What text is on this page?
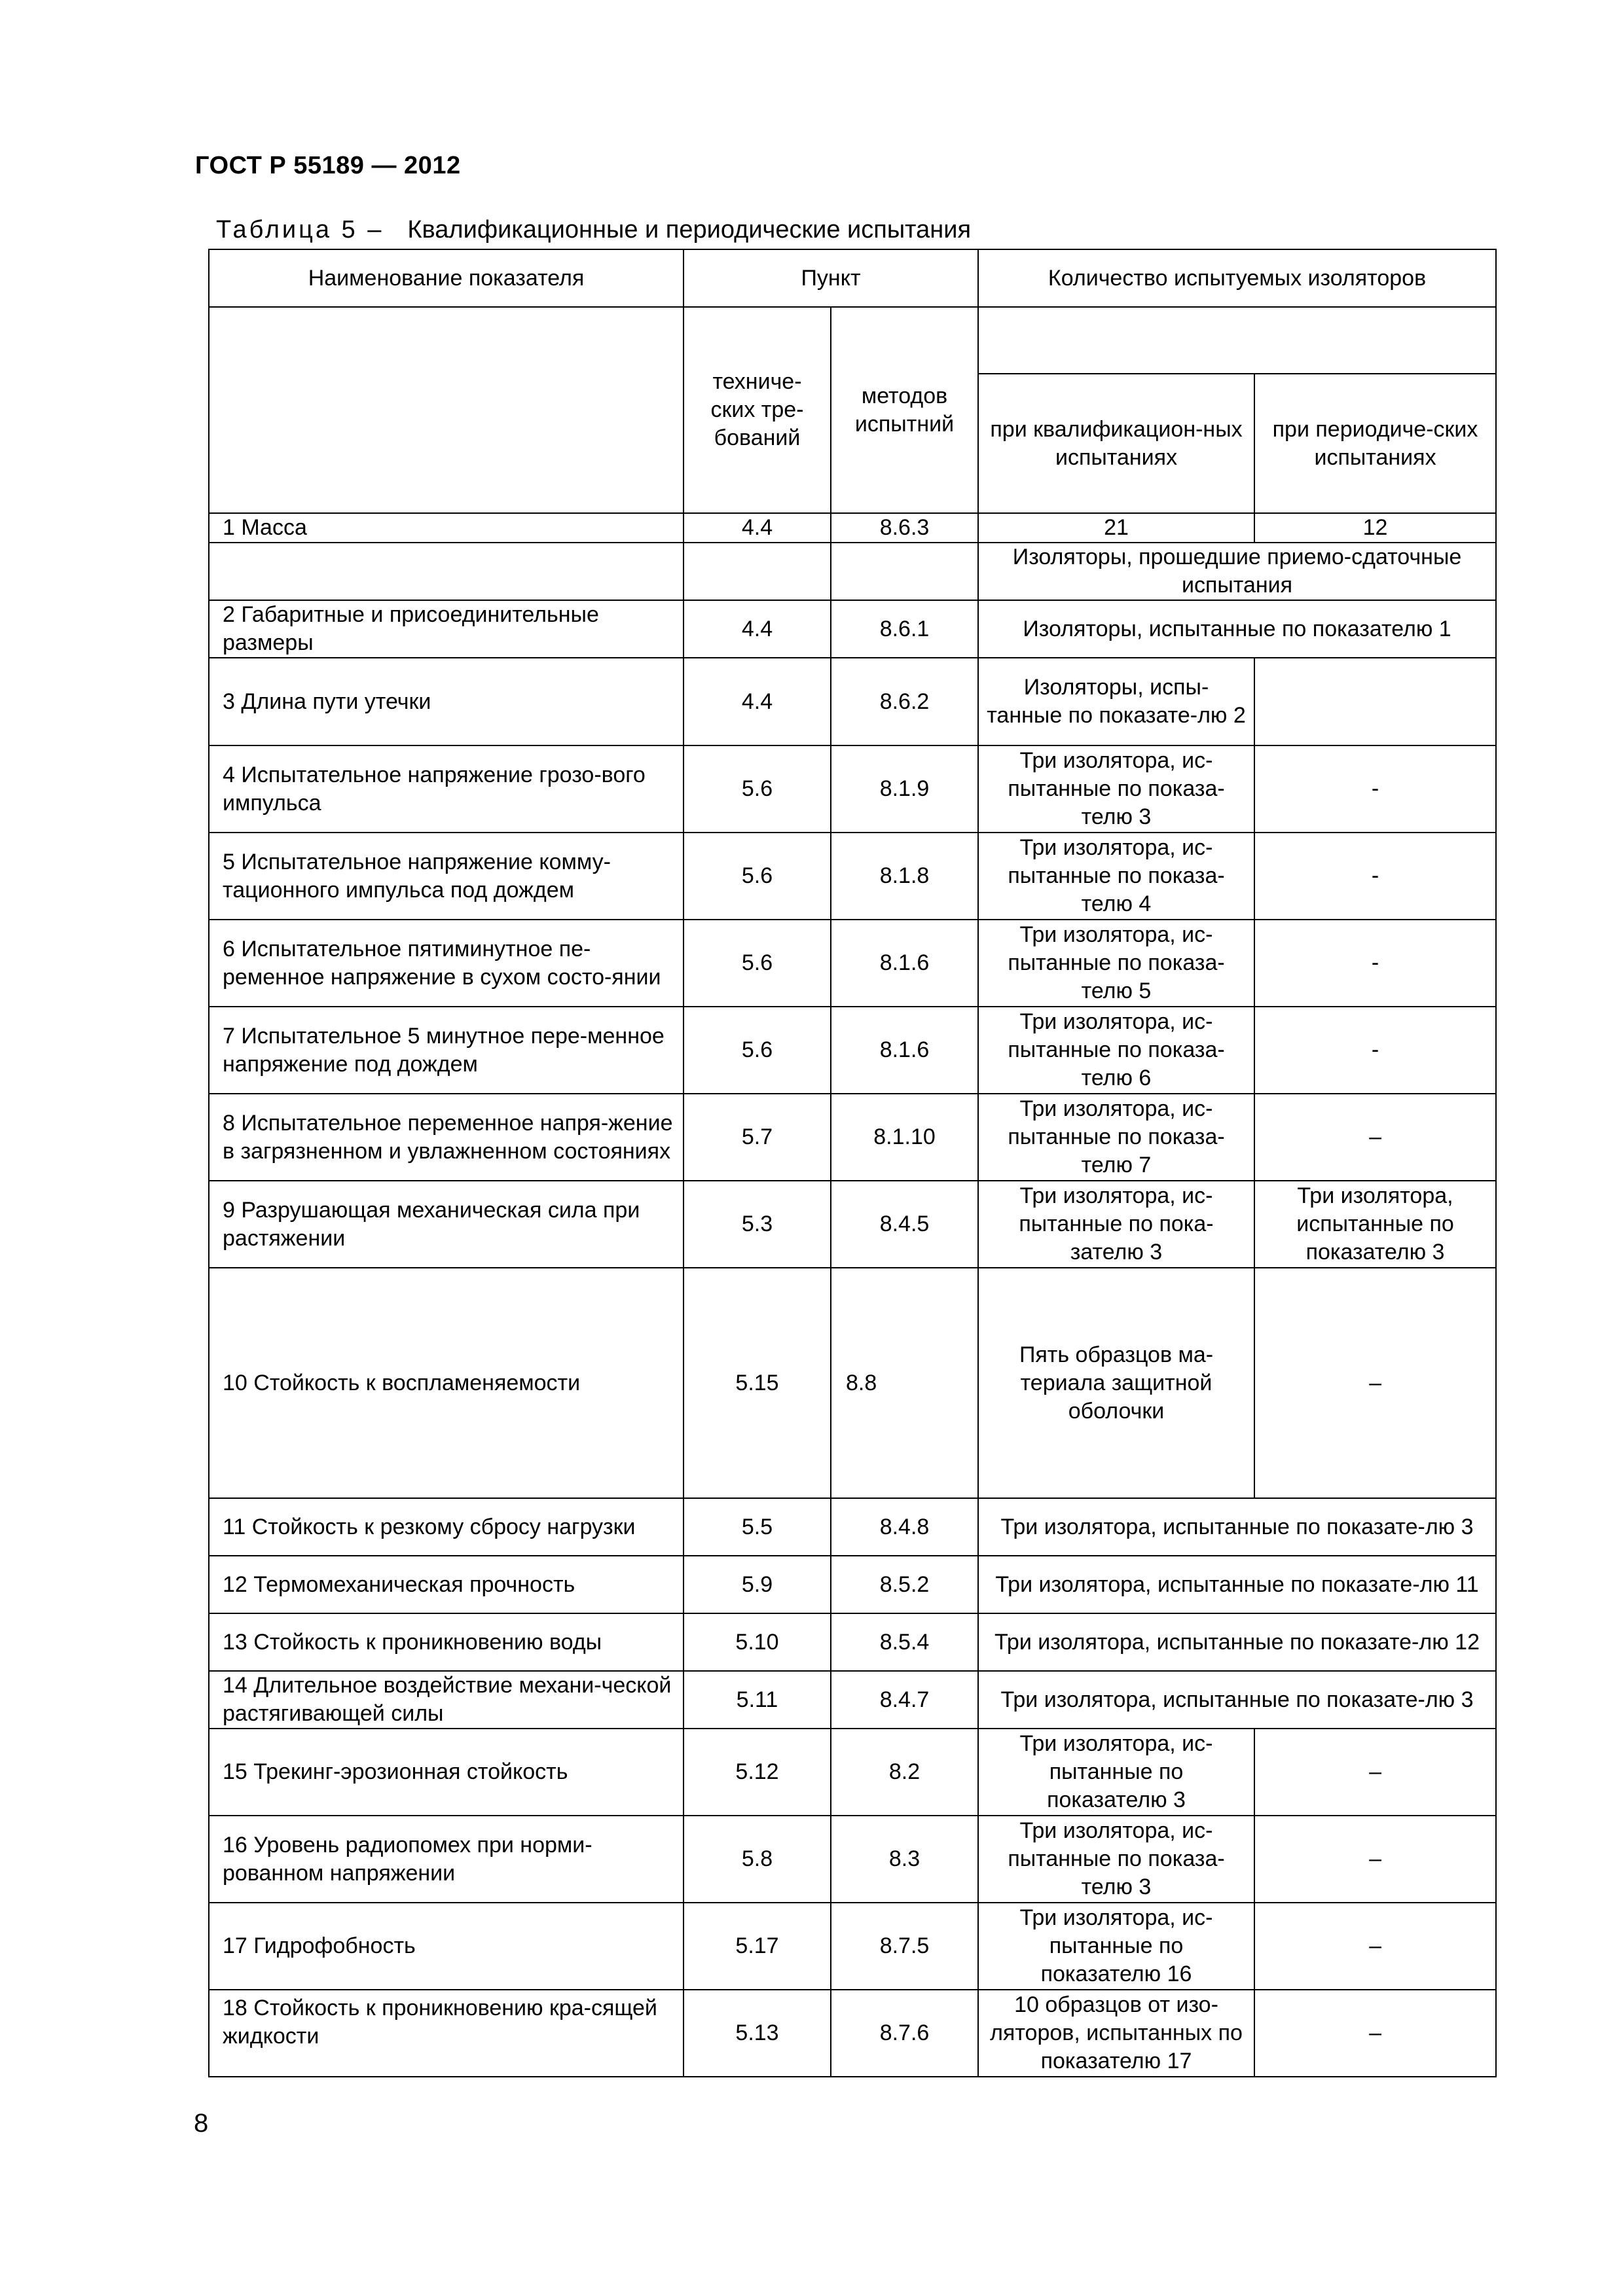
ГОСТ Р 55189 — 2012
Таблица 5 – Квалификационные и периодические испытания
Наименование показателя	Пункт		Количество испытуемых изоляторов	
	техниче-ских тре-бований	методов испытний		
			при квалификацион-ных испытаниях	при периодиче-ских испытаниях
1 Масса	4.4	8.6.3	21	12
			Изоляторы, прошедшие приемо-сдаточные испытания	
2 Габаритные и присоединительные размеры	4.4	8.6.1	Изоляторы, испытанные по показателю 1	
3 Длина пути утечки	4.4	8.6.2	Изоляторы, испы-танные по показате-лю 2	
4 Испытательное напряжение грозо-вого импульса	5.6	8.1.9	Три изолятора, ис-пытанные по показа-телю 3	-
5 Испытательное напряжение комму-тационного импульса под дождем	5.6	8.1.8	Три изолятора, ис-пытанные по показа-телю 4	-
6 Испытательное пятиминутное пе-ременное напряжение в сухом состо-янии	5.6	8.1.6	Три изолятора, ис-пытанные по показа-телю 5	-
7 Испытательное 5 минутное пере-менное напряжение под дождем	5.6	8.1.6	Три изолятора, ис-пытанные по показа-телю 6	-
8 Испытательное переменное напря-жение в загрязненном и увлажненном состояниях	5.7	8.1.10	Три изолятора, ис-пытанные по показа-телю 7	–
9 Разрушающая механическая сила при растяжении	5.3	8.4.5	Три изолятора, ис-пытанные по пока-зателю 3	Три изолятора, испытанные по показателю 3
10 Стойкость к воспламеняемости	5.15	8.8	Пять образцов ма-териала защитной оболочки	–
11 Стойкость к резкому сбросу нагрузки	5.5	8.4.8	Три изолятора, испытанные по показате-лю 3	
12 Термомеханическая прочность	5.9	8.5.2	Три изолятора, испытанные по показате-лю 11	
13 Стойкость к проникновению воды	5.10	8.5.4	Три изолятора, испытанные по показате-лю 12	
14 Длительное воздействие механи-ческой растягивающей силы	5.11	8.4.7	Три изолятора, испытанные по показате-лю 3	
15 Трекинг-эрозионная стойкость	5.12	8.2	Три изолятора, ис-пытанные по показателю 3	–
16 Уровень радиопомех при норми-рованном напряжении	5.8	8.3	Три изолятора, ис-пытанные по показа-телю 3	–
17 Гидрофобность	5.17	8.7.5	Три изолятора, ис-пытанные по показателю 16	–
18 Стойкость к проникновению кра-сящей жидкости	5.13	8.7.6	10 образцов от изо-ляторов, испытанных по показателю 17	–
8
